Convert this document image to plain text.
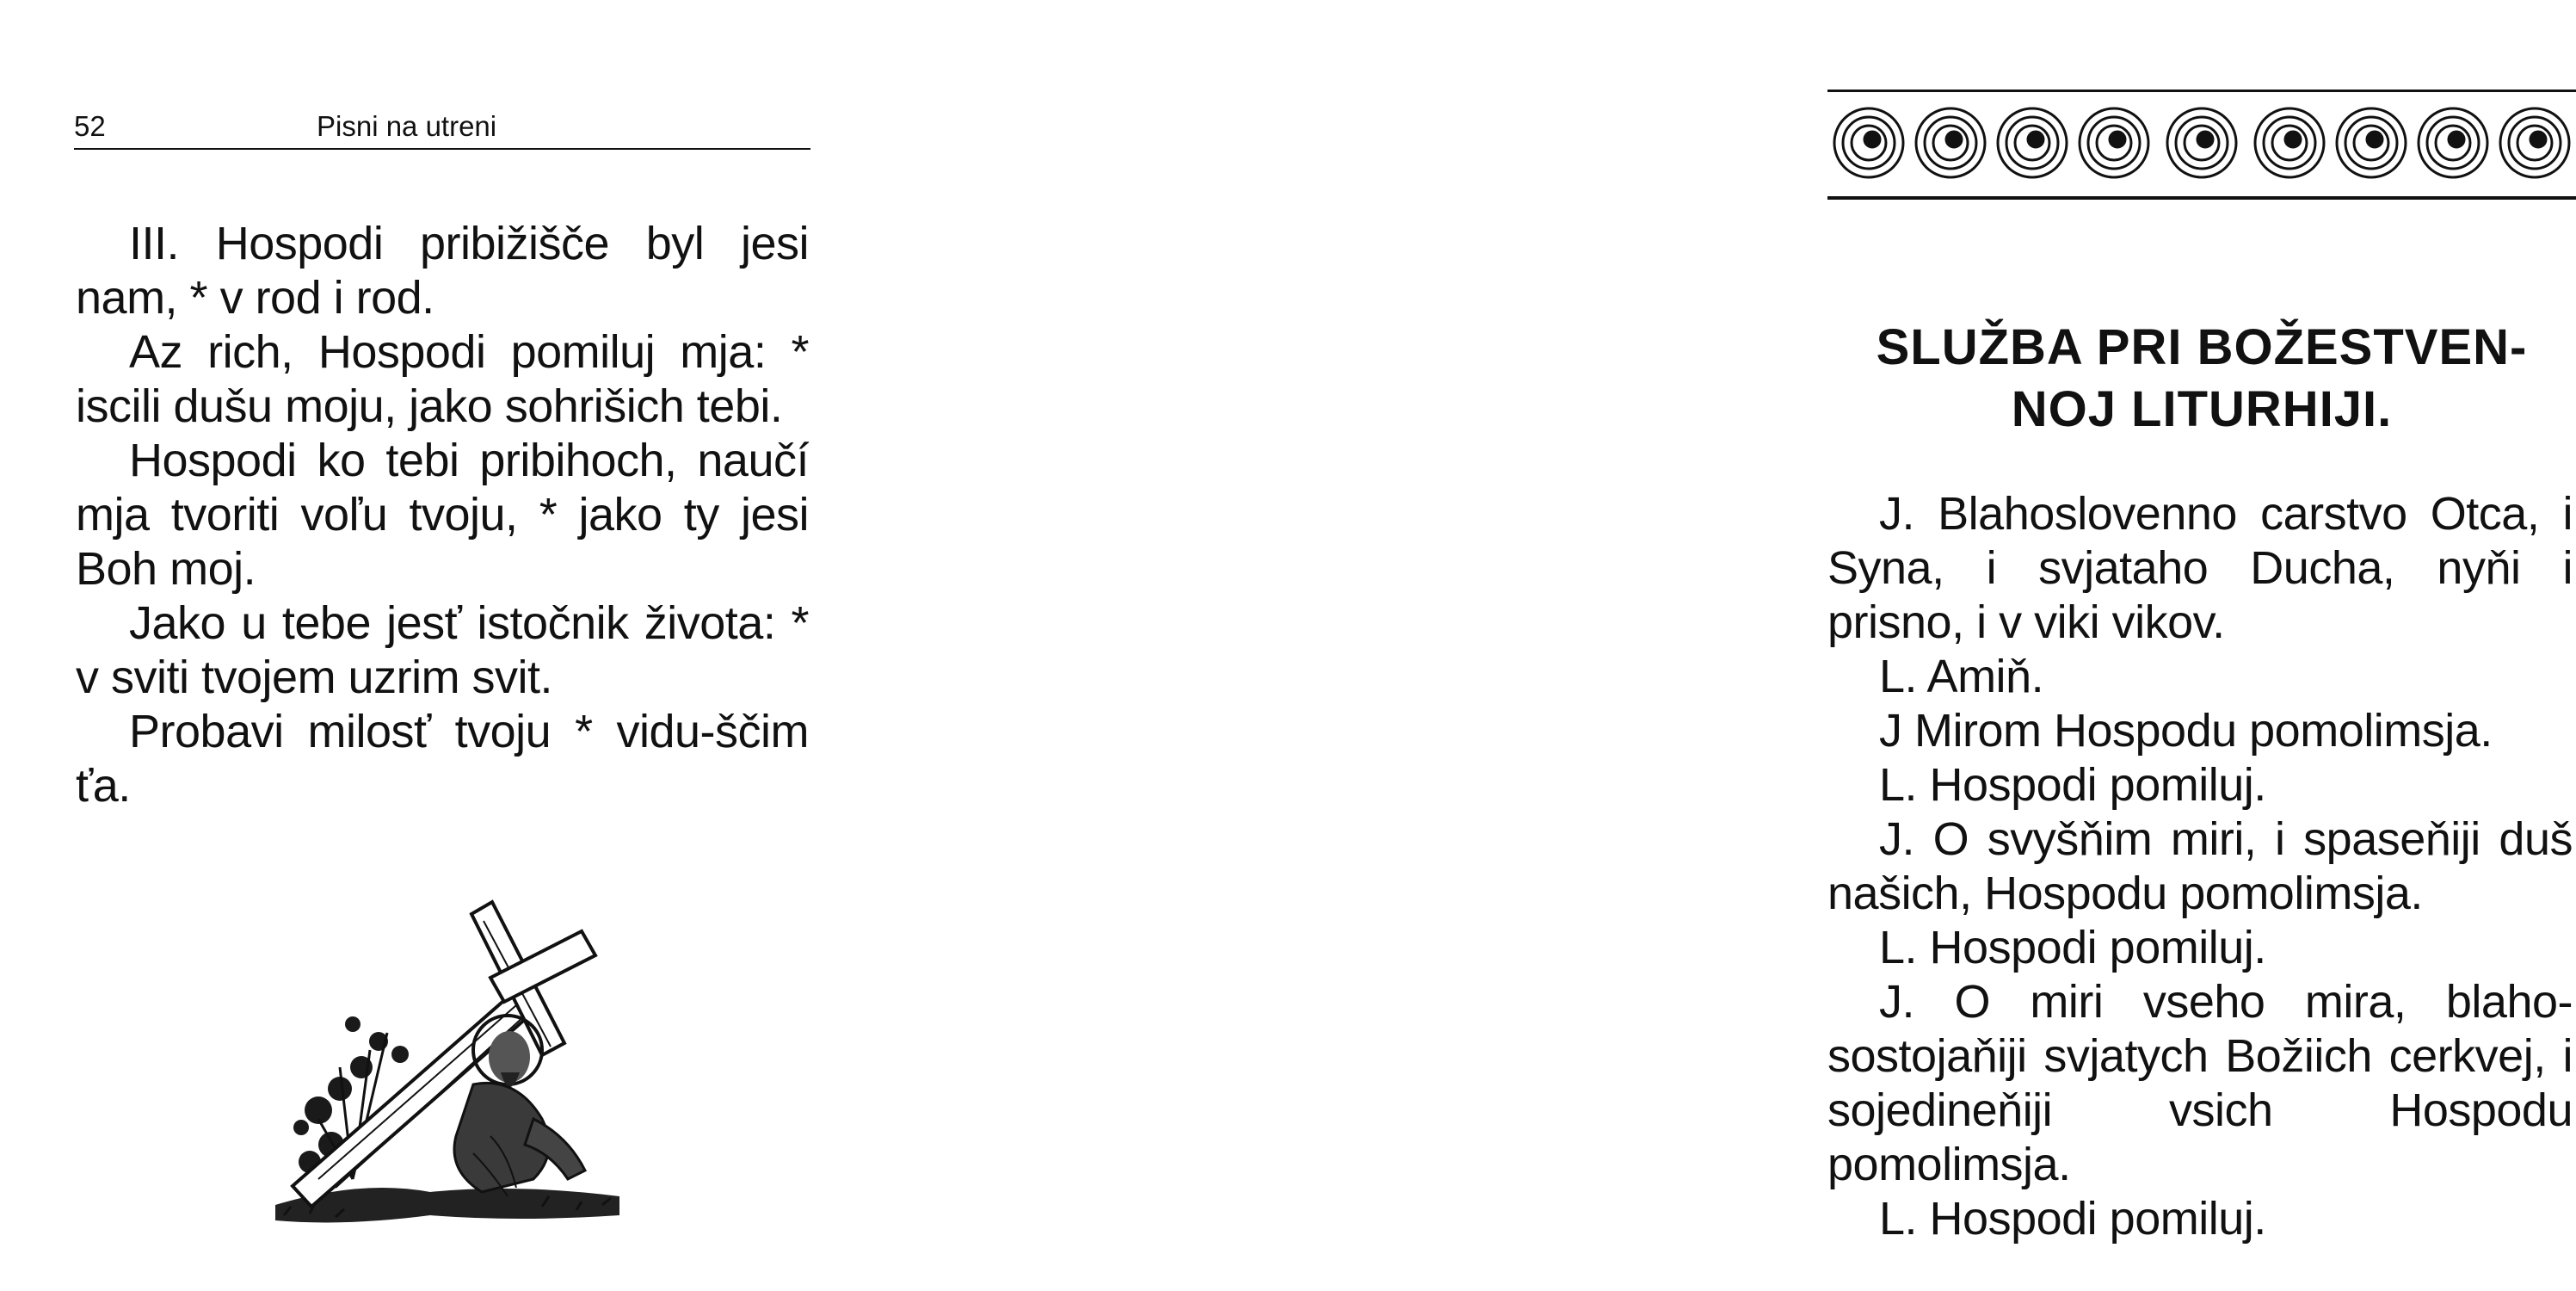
52	Pisni na utreni

III. Hospodi pribižišče byl jesi nam, * v rod i rod.

Az rich, Hospodi pomiluj mja: * iscili dušu moju, jako sohrišich tebi.

Hospodi ko tebi pribihoch, naučí mja tvoriti voľu tvoju, * jako ty jesi Boh moj.

Jako u tebe jesť istočnik života: * v sviti tvojem uzrim svit.

Probavi milosť tvoju * vidu-ščim ťa.

SLUŽBA PRI BOŽESTVEN-NOJ LITURHIJI.

J. Blahoslovenno carstvo Otca, i Syna, i svjataho Ducha, nyňi i prisno, i v viki vikov.

L. Amiň.

J Mirom Hospodu pomolimsja.

L. Hospodi pomiluj.

J. O svyšňim miri, i spaseňiji duš našich, Hospodu pomolimsja.

L. Hospodi pomiluj.

J. O miri vseho mira, blaho-sostojaňiji svjatych Božiich cerkvej, i sojedineňiji vsich Hospodu pomolimsja.

L. Hospodi pomiluj.
